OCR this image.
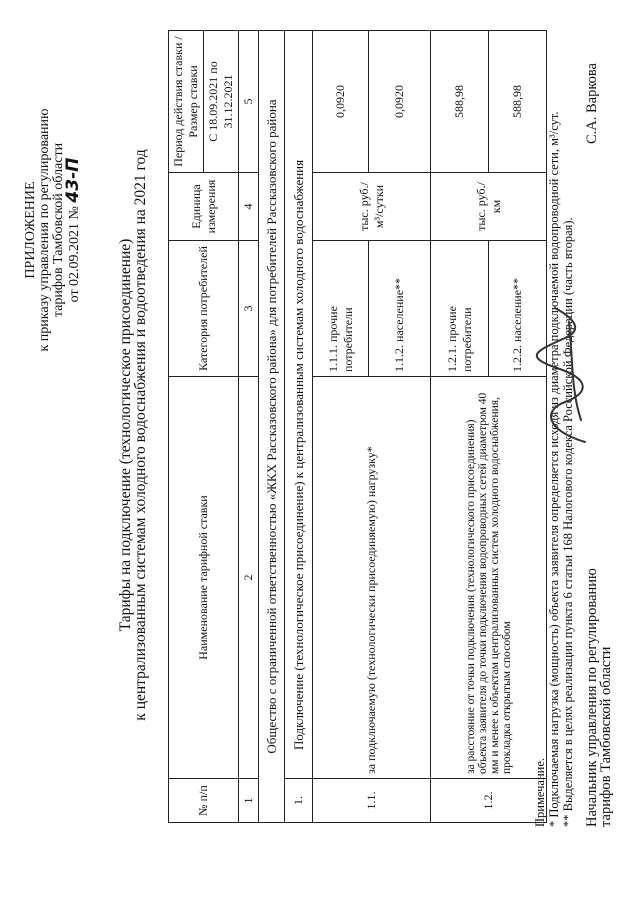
ПРИЛОЖЕНИЕ к приказу управления по регулированию тарифов Тамбовской области от 02.09.2021 № 43-П
Тарифы на подключение (технологическое присоединение)
к централизованным системам холодного водоснабжения и водоотведения на 2021 год
№ п/п	Наименование тарифной ставки	Категория потребителей	Единица измерения	Период действия ставки /Размер ставки
				С 18.09.2021 по 31.12.2021
1	2	3	4	5
Общество с ограниченной ответственностью «ЖКХ Рассказовского района» для потребителей Рассказовского района				
1.	Подключение (технологическое присоединение) к централизованным системам холодного водоснабжения			
1.1.	за подключаемую (технологически присоединяемую) нагрузку*	1.1.1. прочие потребители	тыс. руб./ м³/сутки	0,0920
		1.1.2. население**		0,0920
1.2.	за расстояние от точки подключения (технологического присоединения) объекта заявителя до точки подключения водопроводных сетей диаметром 40 мм и менее к объектам централизованных систем холодного водоснабжения, прокладка открытым способом	1.2.1. прочие потребители	тыс. руб./км	588,98
		1.2.2. население**		588,98
Примечание. * Подключаемая нагрузка (мощность) объекта заявителя определяется исходя из диаметра подключаемой водопроводной сети, м³/сут. ** Выделяется в целях реализации пункта 6 статьи 168 Налогового кодекса Российской Федерации (часть вторая). Начальник управления по регулированию
тарифов Тамбовской области
С.А. Варкова
